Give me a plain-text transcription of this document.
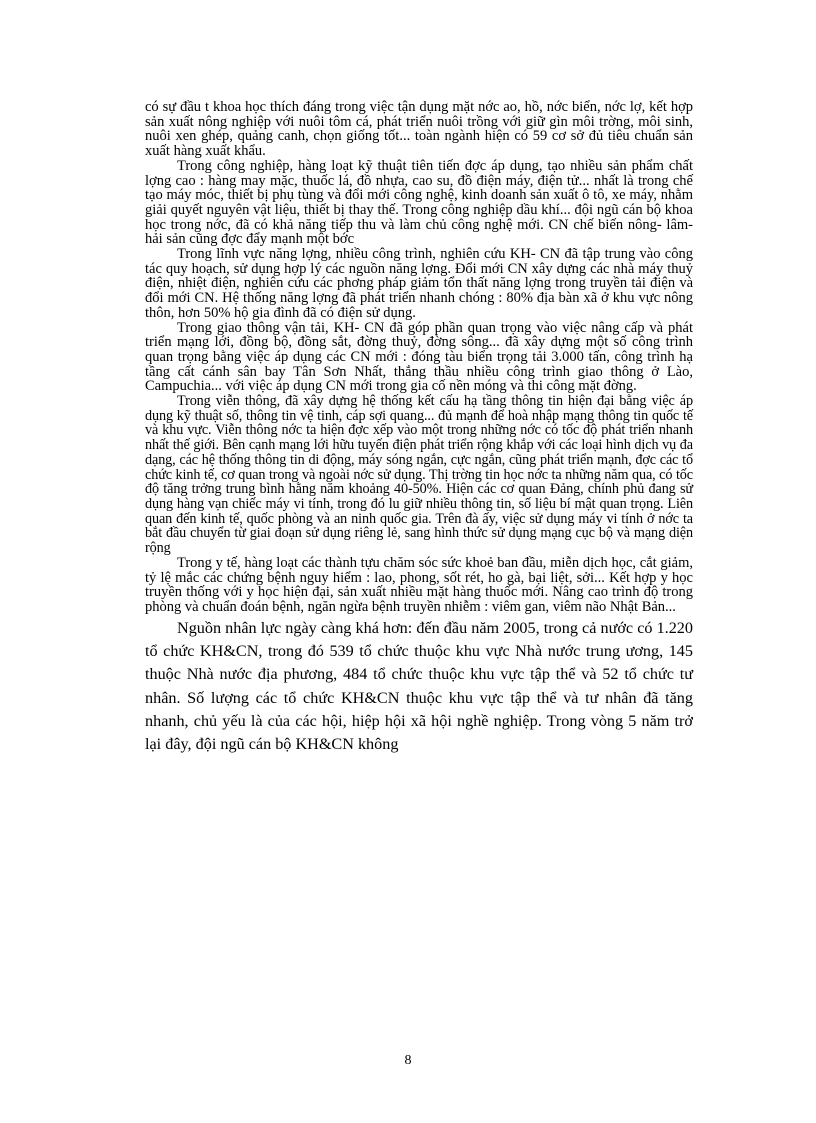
có sự đầu t khoa học thích đáng trong việc tận dụng mặt nớc ao, hồ, nớc biển, nớc lợ, kết hợp sản xuất nông nghiệp với nuôi tôm cá, phát triển nuôi trồng với giữ gìn môi trờng, môi sinh, nuôi xen ghép, quảng canh, chọn giống tốt... toàn ngành hiện có 59 cơ sở đủ tiêu chuẩn sản xuất hàng xuất khẩu.

Trong công nghiệp, hàng loạt kỹ thuật tiên tiến đợc áp dụng, tạo nhiều sản phẩm chất lợng cao : hàng may mặc, thuốc lá, đồ nhựa, cao su, đồ điện máy, điện tử... nhất là trong chế tạo máy móc, thiết bị phụ tùng và đổi mới công nghệ, kinh doanh sản xuất ô tô, xe máy, nhằm giải quyết nguyên vật liệu, thiết bị thay thế. Trong công nghiệp dầu khí... đội ngũ cán bộ khoa học trong nớc, đã có khả năng tiếp thu và làm chủ công nghệ mới. CN chế biến nông- lâm- hải sản cũng đợc đẩy mạnh một bớc

Trong lĩnh vực năng lợng, nhiều công trình, nghiên cứu KH- CN đã tập trung vào công tác quy hoạch, sử dụng hợp lý các nguồn năng lợng. Đổi mới CN xây dựng các nhà máy thuỷ điện, nhiệt điện, nghiên cứu các phơng pháp giảm tổn thất năng lợng trong truyền tải điện và đổi mới CN. Hệ thống năng lợng đã phát triển nhanh chóng : 80% địa bàn xã ở khu vực nông thôn, hơn 50% hộ gia đình đã có điện sử dụng.

Trong giao thông vận tải, KH- CN đã góp phần quan trọng vào việc nâng cấp và phát triển mạng lới, đồng bộ, đồng sắt, đờng thuỷ, đờng sông... đã xây dựng một số công trình quan trọng bằng việc áp dụng các CN mới : đóng tàu biển trọng tải 3.000 tấn, công trình hạ tầng cất cánh sân bay Tân Sơn Nhất, thắng thầu nhiều công trình giao thông ở Lào, Campuchia... với việc áp dụng CN mới trong gia cố nền móng và thi công mặt đờng.

Trong viễn thông, đã xây dựng hệ thống kết cấu hạ tầng thông tin hiện đại bằng việc áp dụng kỹ thuật số, thông tin vệ tinh, cáp sợi quang... đủ mạnh để hoà nhập mạng thông tin quốc tế và khu vực. Viễn thông nớc ta hiện đợc xếp vào một trong những nớc có tốc độ phát triển nhanh nhất thế giới. Bên cạnh mạng lới hữu tuyến điện phát triển rộng khắp với các loại hình dịch vụ đa dạng, các hệ thống thông tin di động, máy sóng ngắn, cực ngắn, cũng phát triển mạnh, đợc các tổ chức kinh tế, cơ quan trong và ngoài nớc sử dụng. Thị trờng tin học nớc ta những năm qua, có tốc độ tăng trởng trung bình hằng năm khoảng 40-50%. Hiện các cơ quan Đảng, chính phủ đang sử dụng hàng vạn chiếc máy vi tính, trong đó lu giữ nhiều thông tin, số liệu bí mật quan trọng. Liên quan đến kinh tế, quốc phòng và an ninh quốc gia. Trên đà ấy, việc sử dụng máy vi tính ở nớc ta bắt đầu chuyển từ giai đoạn sử dụng riêng lẻ, sang hình thức sử dụng mạng cục bộ và mạng diện rộng

Trong y tế, hàng loạt các thành tựu chăm sóc sức khoẻ ban đầu, miễn dịch học, cắt giảm, tỷ lệ mắc các chứng bệnh nguy hiểm : lao, phong, sốt rét, ho gà, bại liệt, sởi... Kết hợp y học truyền thống với y học hiện đại, sản xuất nhiều mặt hàng thuốc mới. Nâng cao trình độ trong phòng và chuẩn đoán bệnh, ngăn ngừa bệnh truyền nhiễm : viêm gan, viêm não Nhật Bản...

Nguồn nhân lực ngày càng khá hơn: đến đầu năm 2005, trong cả nước có 1.220 tổ chức KH&CN, trong đó 539 tổ chức thuộc khu vực Nhà nước trung ương, 145 thuộc Nhà nước địa phương, 484 tổ chức thuộc khu vực tập thể và 52 tổ chức tư nhân. Số lượng các tổ chức KH&CN thuộc khu vực tập thể và tư nhân đã tăng nhanh, chủ yếu là của các hội, hiệp hội xã hội nghề nghiệp. Trong vòng 5 năm trở lại đây, đội ngũ cán bộ KH&CN không

8
